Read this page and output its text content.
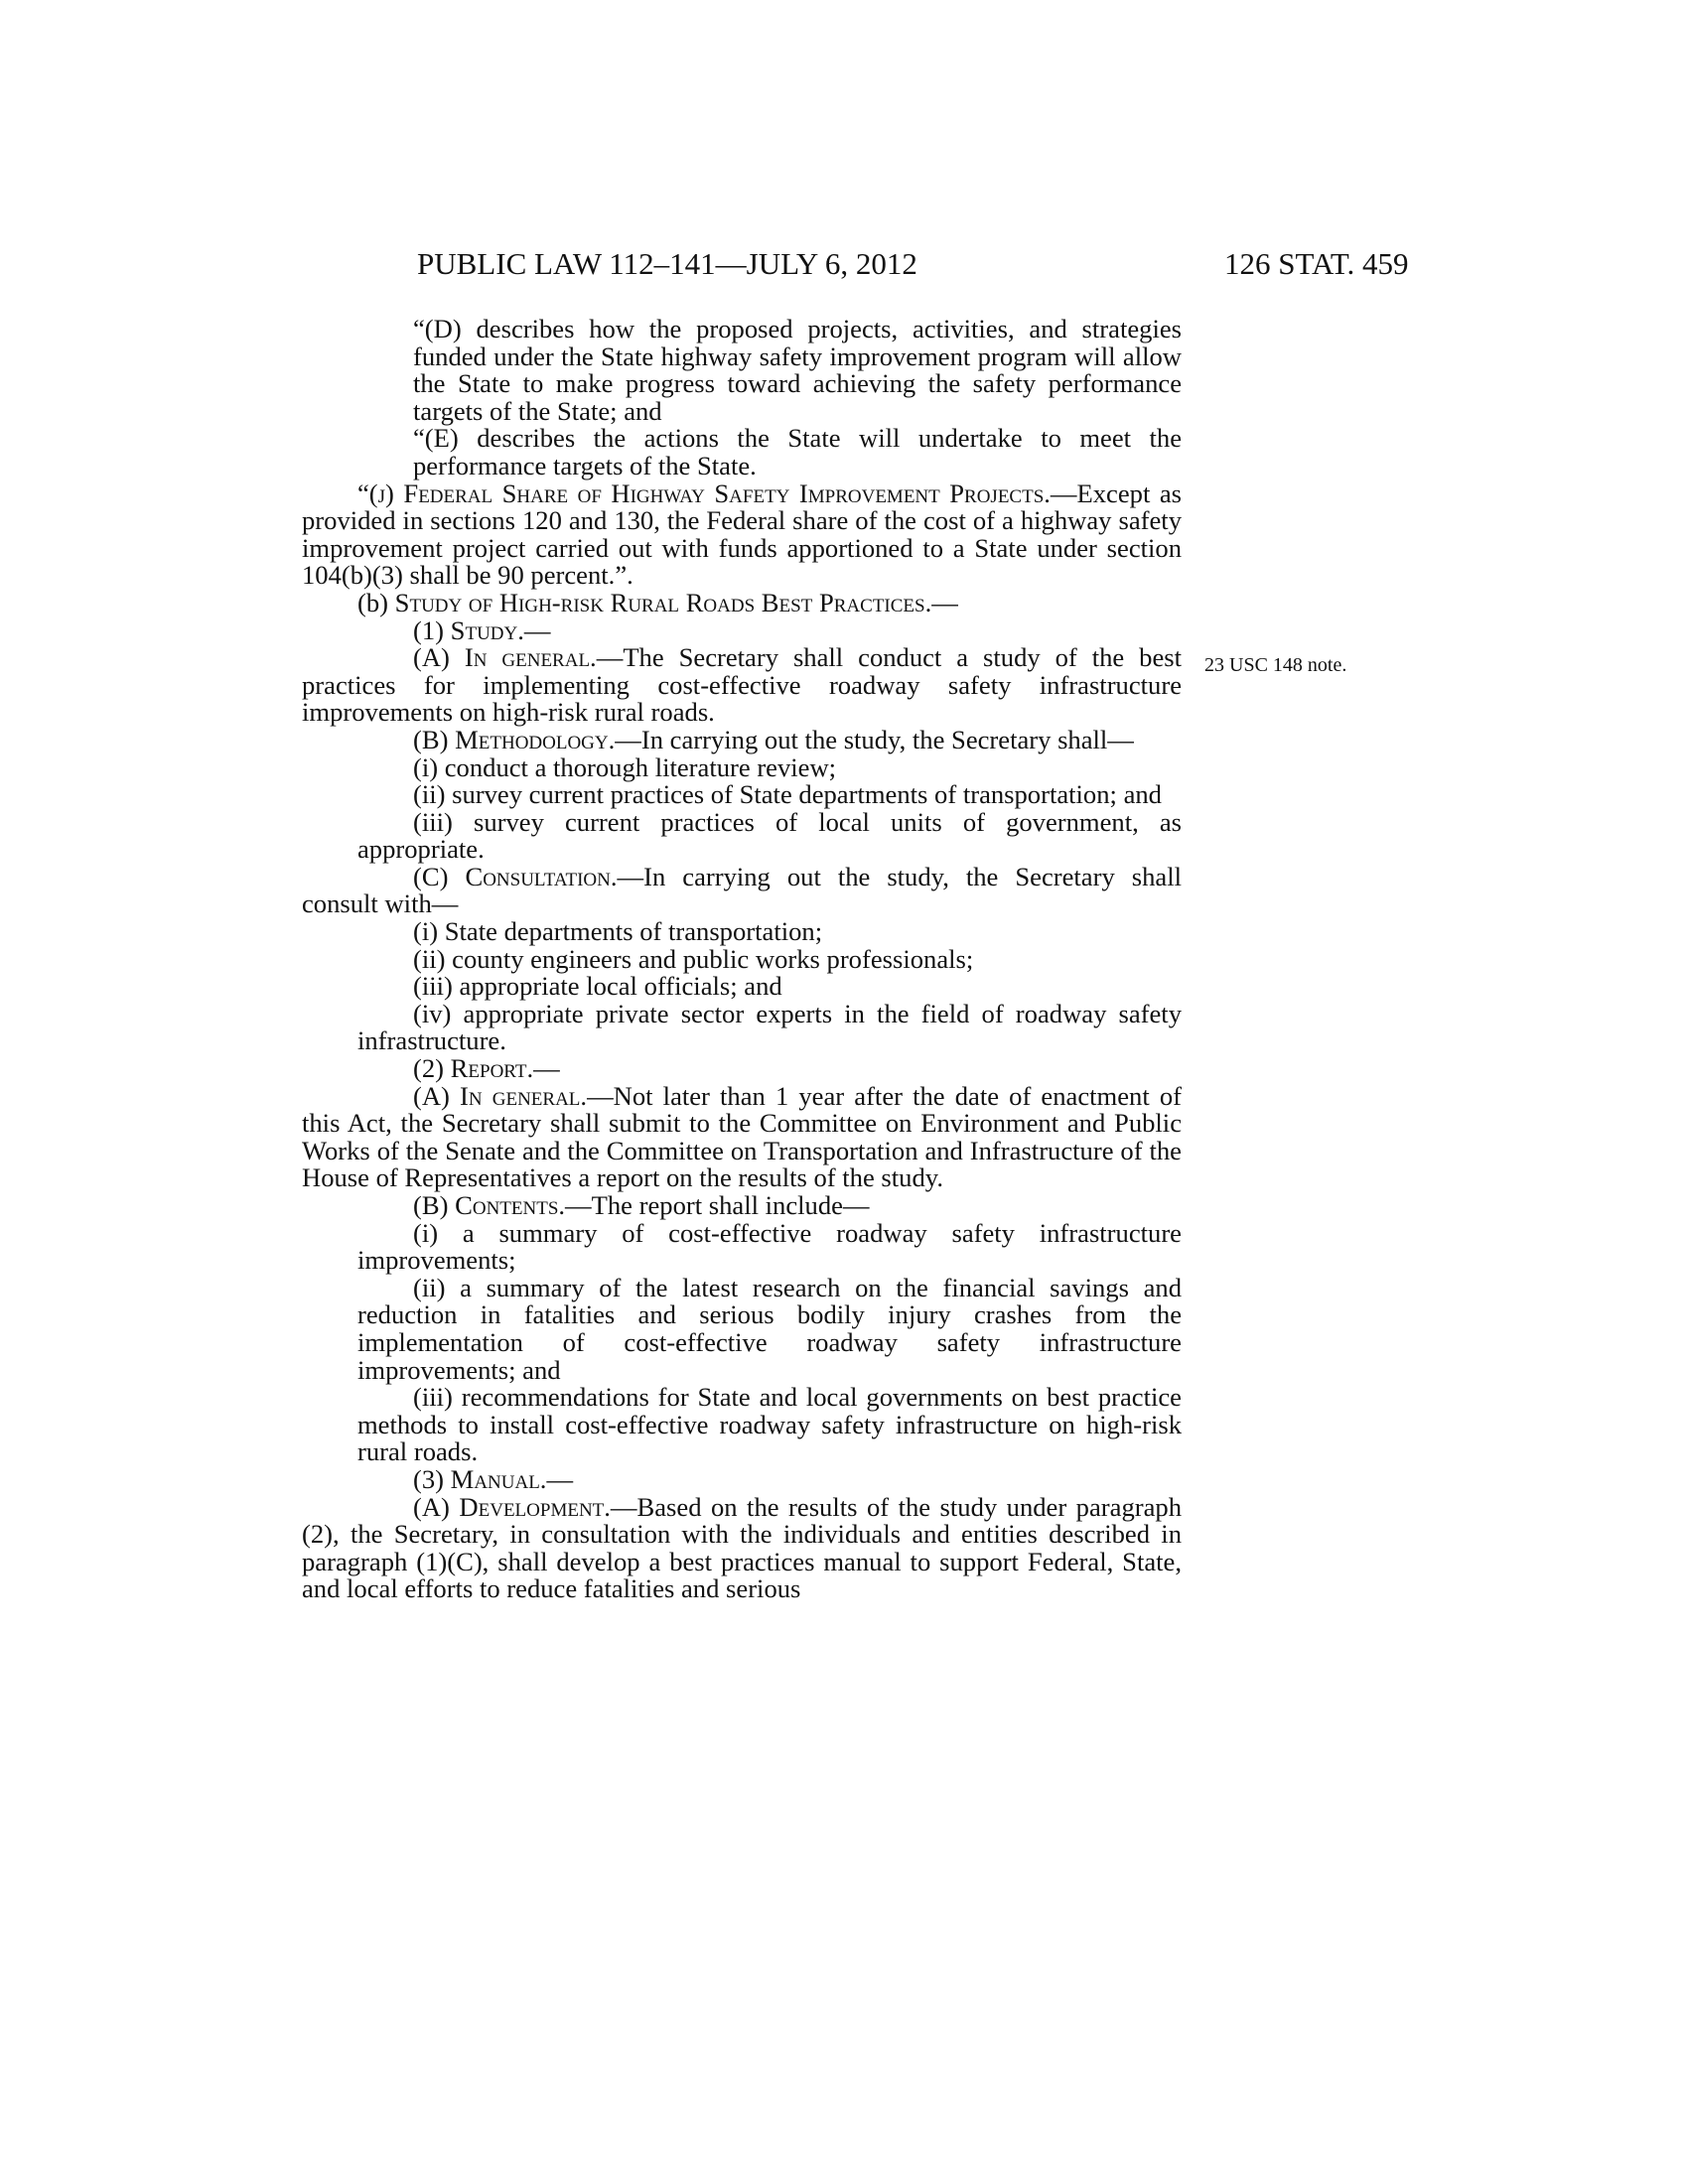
PUBLIC LAW 112–141—JULY 6, 2012	126 STAT. 459
23 USC 148 note.

“(D) describes how the proposed projects, activities, and strategies funded under the State highway safety improvement program will allow the State to make progress toward achieving the safety performance targets of the State; and

“(E) describes the actions the State will undertake to meet the performance targets of the State.

“(j) Federal Share of Highway Safety Improvement Projects.—Except as provided in sections 120 and 130, the Federal share of the cost of a highway safety improvement project carried out with funds apportioned to a State under section 104(b)(3) shall be 90 percent.”.

(b) Study of High-risk Rural Roads Best Practices.—

(1) Study.—

(A) In general.—The Secretary shall conduct a study of the best practices for implementing cost-effective roadway safety infrastructure improvements on high-risk rural roads.

(B) Methodology.—In carrying out the study, the Secretary shall—

(i) conduct a thorough literature review;

(ii) survey current practices of State departments of transportation; and

(iii) survey current practices of local units of government, as appropriate.

(C) Consultation.—In carrying out the study, the Secretary shall consult with—

(i) State departments of transportation;

(ii) county engineers and public works professionals;

(iii) appropriate local officials; and

(iv) appropriate private sector experts in the field of roadway safety infrastructure.

(2) Report.—

(A) In general.—Not later than 1 year after the date of enactment of this Act, the Secretary shall submit to the Committee on Environment and Public Works of the Senate and the Committee on Transportation and Infrastructure of the House of Representatives a report on the results of the study.

(B) Contents.—The report shall include—

(i) a summary of cost-effective roadway safety infrastructure improvements;

(ii) a summary of the latest research on the financial savings and reduction in fatalities and serious bodily injury crashes from the implementation of cost-effective roadway safety infrastructure improvements; and

(iii) recommendations for State and local governments on best practice methods to install cost-effective roadway safety infrastructure on high-risk rural roads.

(3) Manual.—

(A) Development.—Based on the results of the study under paragraph (2), the Secretary, in consultation with the individuals and entities described in paragraph (1)(C), shall develop a best practices manual to support Federal, State, and local efforts to reduce fatalities and serious
